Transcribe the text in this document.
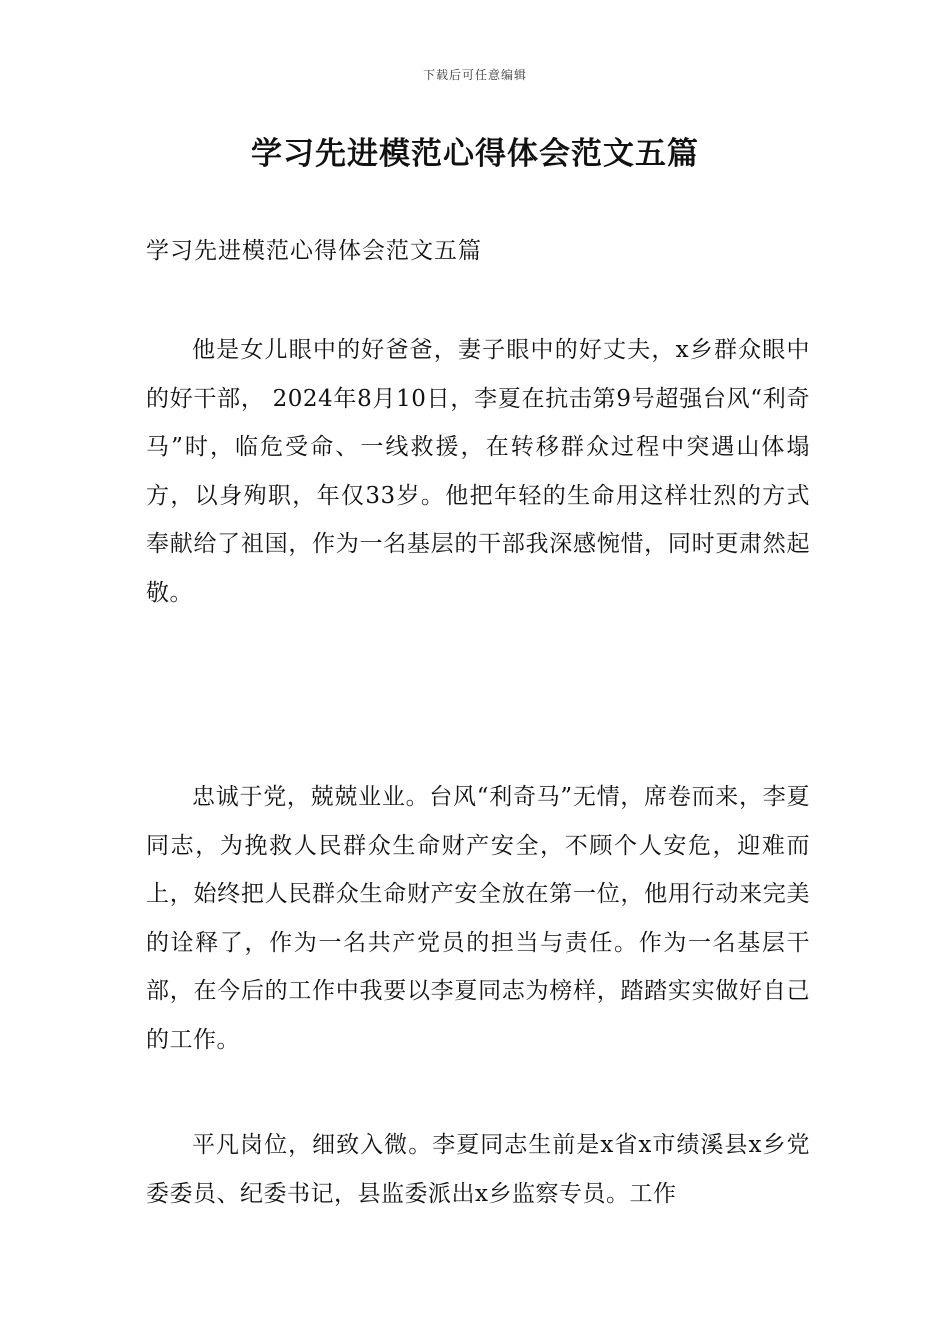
下载后可任意编辑
学习先进模范心得体会范文五篇

学习先进模范心得体会范文五篇

他是女儿眼中的好爸爸，妻子眼中的好丈夫，x乡群众眼中的好干部， 2024年8月10日，李夏在抗击第9号超强台风“利奇马”时，临危受命、一线救援，在转移群众过程中突遇山体塌方，以身殉职，年仅33岁。他把年轻的生命用这样壮烈的方式奉献给了祖国，作为一名基层的干部我深感惋惜，同时更肃然起敬。

忠诚于党，兢兢业业。台风“利奇马”无情，席卷而来，李夏同志，为挽救人民群众生命财产安全，不顾个人安危，迎难而上，始终把人民群众生命财产安全放在第一位，他用行动来完美的诠释了，作为一名共产党员的担当与责任。作为一名基层干部，在今后的工作中我要以李夏同志为榜样，踏踏实实做好自己的工作。

平凡岗位，细致入微。李夏同志生前是x省x市绩溪县x乡党委委员、纪委书记，县监委派出x乡监察专员。工作
